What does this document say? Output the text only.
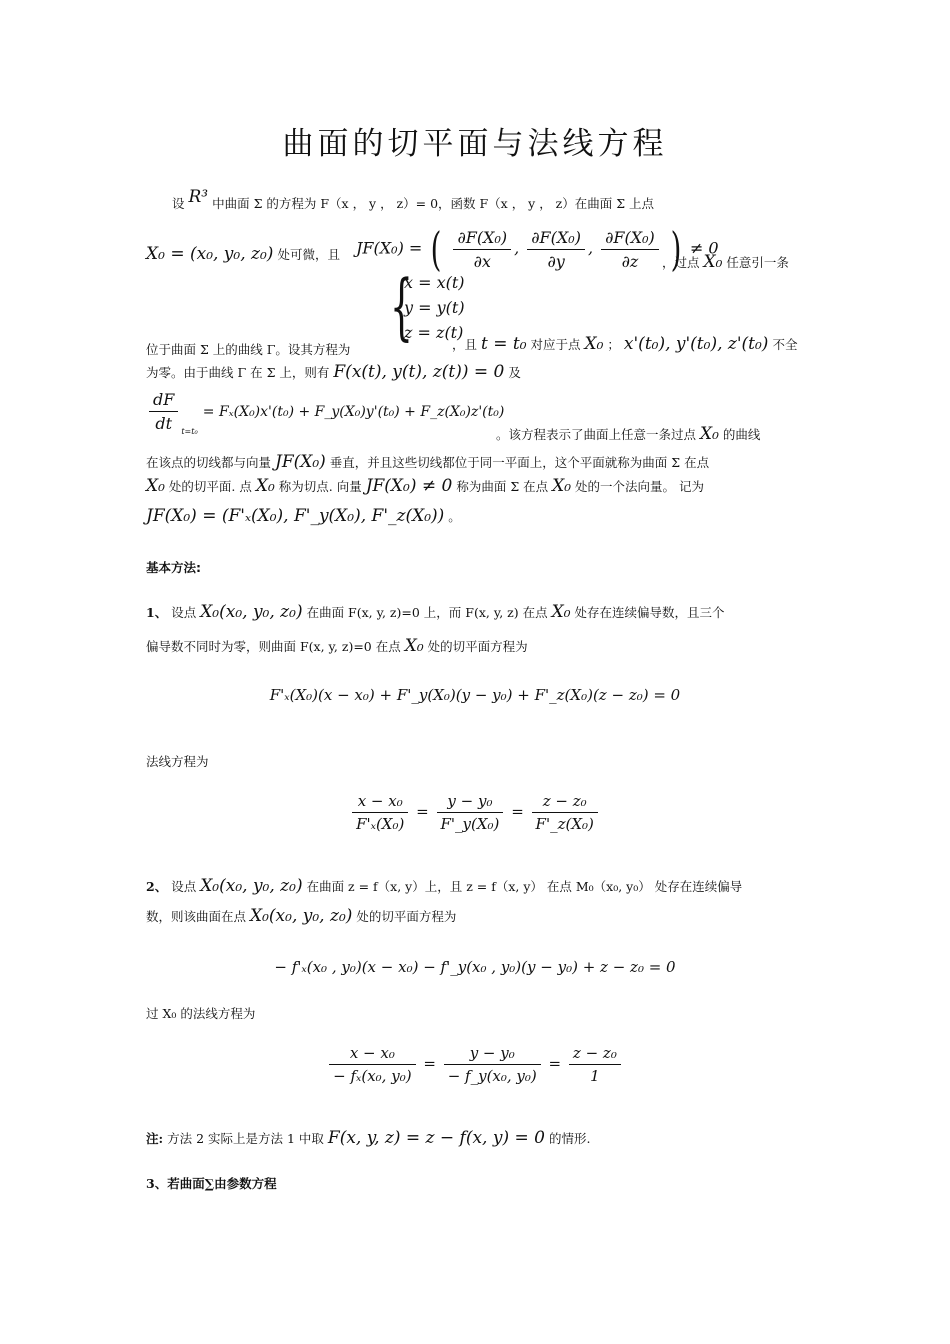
曲面的切平面与法线方程
设 R³ 中曲面 Σ 的方程为 F（x ， y ， z）= 0，函数 F（x ， y ， z）在曲面 Σ 上点
X₀ = (x₀, y₀, z₀) 处可微，且 JF(X₀) = ( $\frac{\text{∂F(X₀)}}{\partial x}$ , $\frac{\text{∂F(X₀)}}{\partial y}$ , $\frac{\text{∂F(X₀)}}{\partial z}$ ) ≠ 0
，过点 X₀ 任意引一条
{
x = x(t)
y = y(t)
z = z(t)
位于曲面 Σ 上的曲线 Γ。设其方程为	，且 t = t₀ 对应于点 X₀ ； x'(t₀), y'(t₀), z'(t₀) 不全
为零。由于曲线 Γ 在 Σ 上，则有 F(x(t), y(t), z(t)) = 0 及
$\frac{dF}{dt} _{t=t_0} = F_x(X_0)x'(t_0)$ + F_y(X₀)y'(t₀) + F_z(X₀)z'(t₀)
。该方程表示了曲面上任意一条过点 X₀ 的曲线
在该点的切线都与向量 JF(X₀) 垂直，并且这些切线都位于同一平面上，这个平面就称为曲面 Σ 在点
X₀ 处的切平面. 点 X₀ 称为切点. 向量 JF(X₀) ≠ 0 称为曲面 Σ 在点 X₀ 处的一个法向量。 记为
JF(X₀) = (F'ₓ(X₀), F'_y(X₀), F'_z(X₀)) 。
基本方法:
1、 设点 X₀(x₀, y₀, z₀) 在曲面 F(x, y, z)=0 上，而 F(x, y, z) 在点 X₀ 处存在连续偏导数，且三个
偏导数不同时为零，则曲面 F(x, y, z)=0 在点 X₀ 处的切平面方程为
F'ₓ(X₀)(x − x₀) + F'_y(X₀)(y − y₀) + F'_z(X₀)(z − z₀) = 0
法线方程为
$\frac{\text{x − x₀}}{\text{F'ₓ(X₀)}} = \frac{\text{y − y₀}}{\text{F'\_y(X₀)}} = \frac{\text{z − z₀}}{\text{F'\_z(X₀)}}$
2、 设点 X₀(x₀, y₀, z₀) 在曲面 z = f（x, y）上，且 z = f（x, y） 在点 M₀（x₀, y₀） 处存在连续偏导
数，则该曲面在点 X₀(x₀, y₀, z₀) 处的切平面方程为
− f'ₓ(x₀ , y₀)(x − x₀) − f'_y(x₀ , y₀)(y − y₀) + z − z₀ = 0
过 X₀ 的法线方程为
$\frac{\text{x − x₀}}{\text{− fₓ(x₀, y₀)}} = \frac{\text{y − y₀}}{\text{− f\_y(x₀, y₀)}} = \frac{\text{z − z₀}}{1}$
注: 方法 2 实际上是方法 1 中取 F(x, y, z) = z − f(x, y) = 0 的情形.
3、若曲面∑由参数方程
